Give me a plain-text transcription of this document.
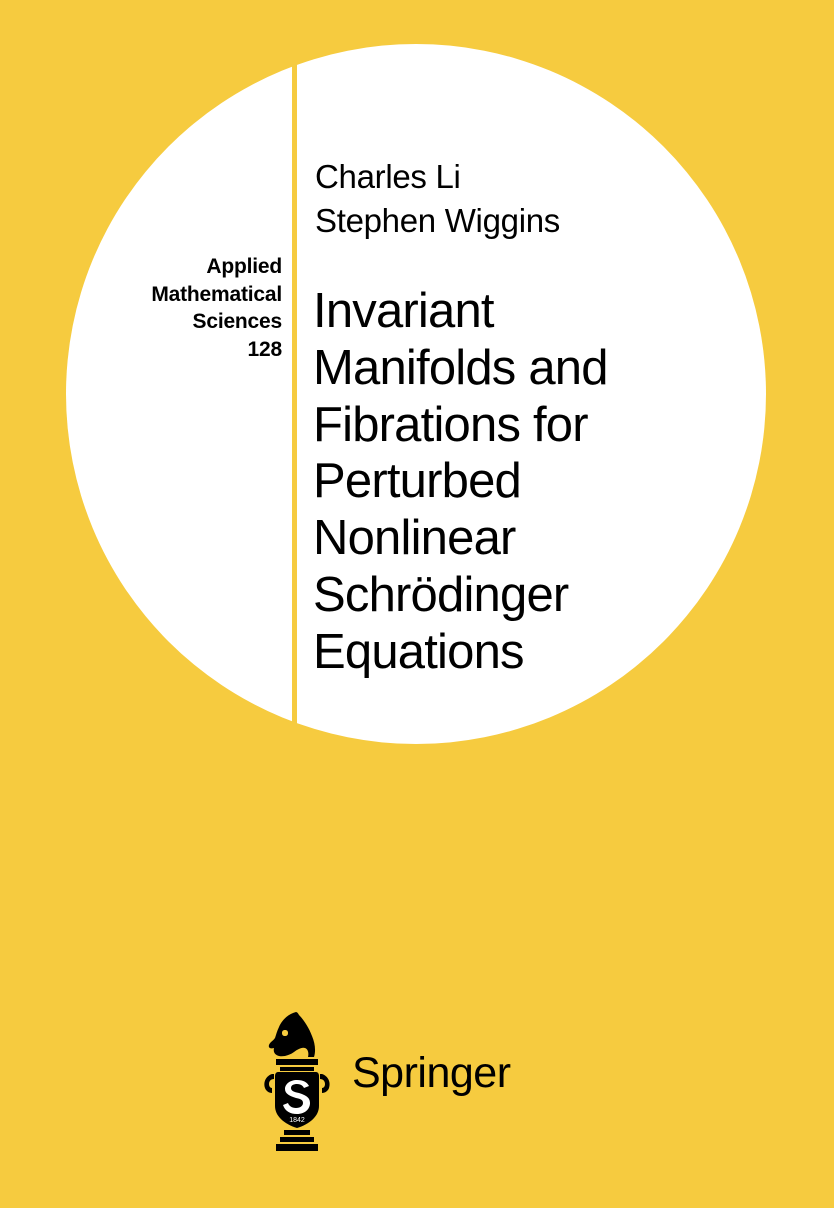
Applied
Mathematical
Sciences
128
Charles Li
Stephen Wiggins
Invariant
Manifolds and
Fibrations for
Perturbed
Nonlinear
Schrödinger
Equations
1842
Springer
